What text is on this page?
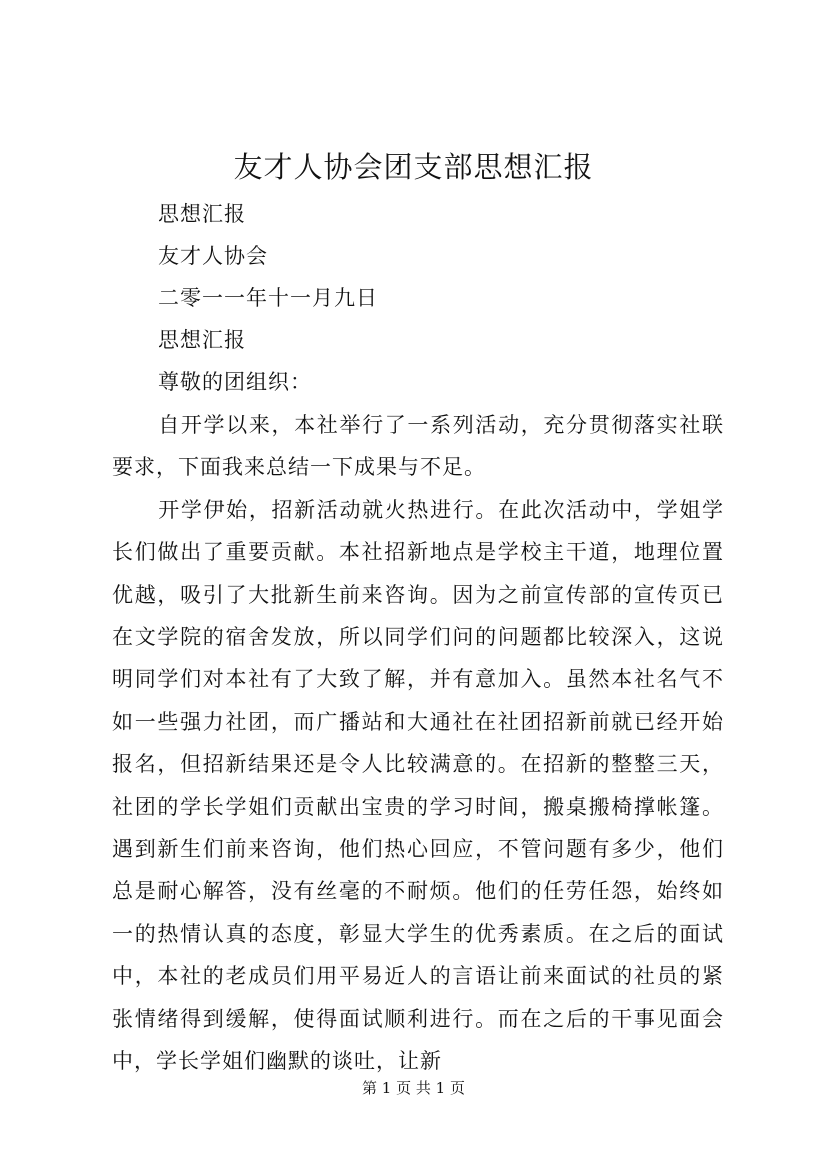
友才人协会团支部思想汇报
思想汇报
友才人协会
二零一一年十一月九日
思想汇报
尊敬的团组织：

自开学以来，本社举行了一系列活动，充分贯彻落实社联要求，下面我来总结一下成果与不足。

开学伊始，招新活动就火热进行。在此次活动中，学姐学长们做出了重要贡献。本社招新地点是学校主干道，地理位置优越，吸引了大批新生前来咨询。因为之前宣传部的宣传页已在文学院的宿舍发放，所以同学们问的问题都比较深入，这说明同学们对本社有了大致了解，并有意加入。虽然本社名气不如一些强力社团，而广播站和大通社在社团招新前就已经开始报名，但招新结果还是令人比较满意的。在招新的整整三天，社团的学长学姐们贡献出宝贵的学习时间，搬桌搬椅撑帐篷。遇到新生们前来咨询，他们热心回应，不管问题有多少，他们总是耐心解答，没有丝毫的不耐烦。他们的任劳任怨，始终如一的热情认真的态度，彰显大学生的优秀素质。在之后的面试中，本社的老成员们用平易近人的言语让前来面试的社员的紧张情绪得到缓解，使得面试顺利进行。而在之后的干事见面会中，学长学姐们幽默的谈吐，让新

第 1 页 共 1 页
